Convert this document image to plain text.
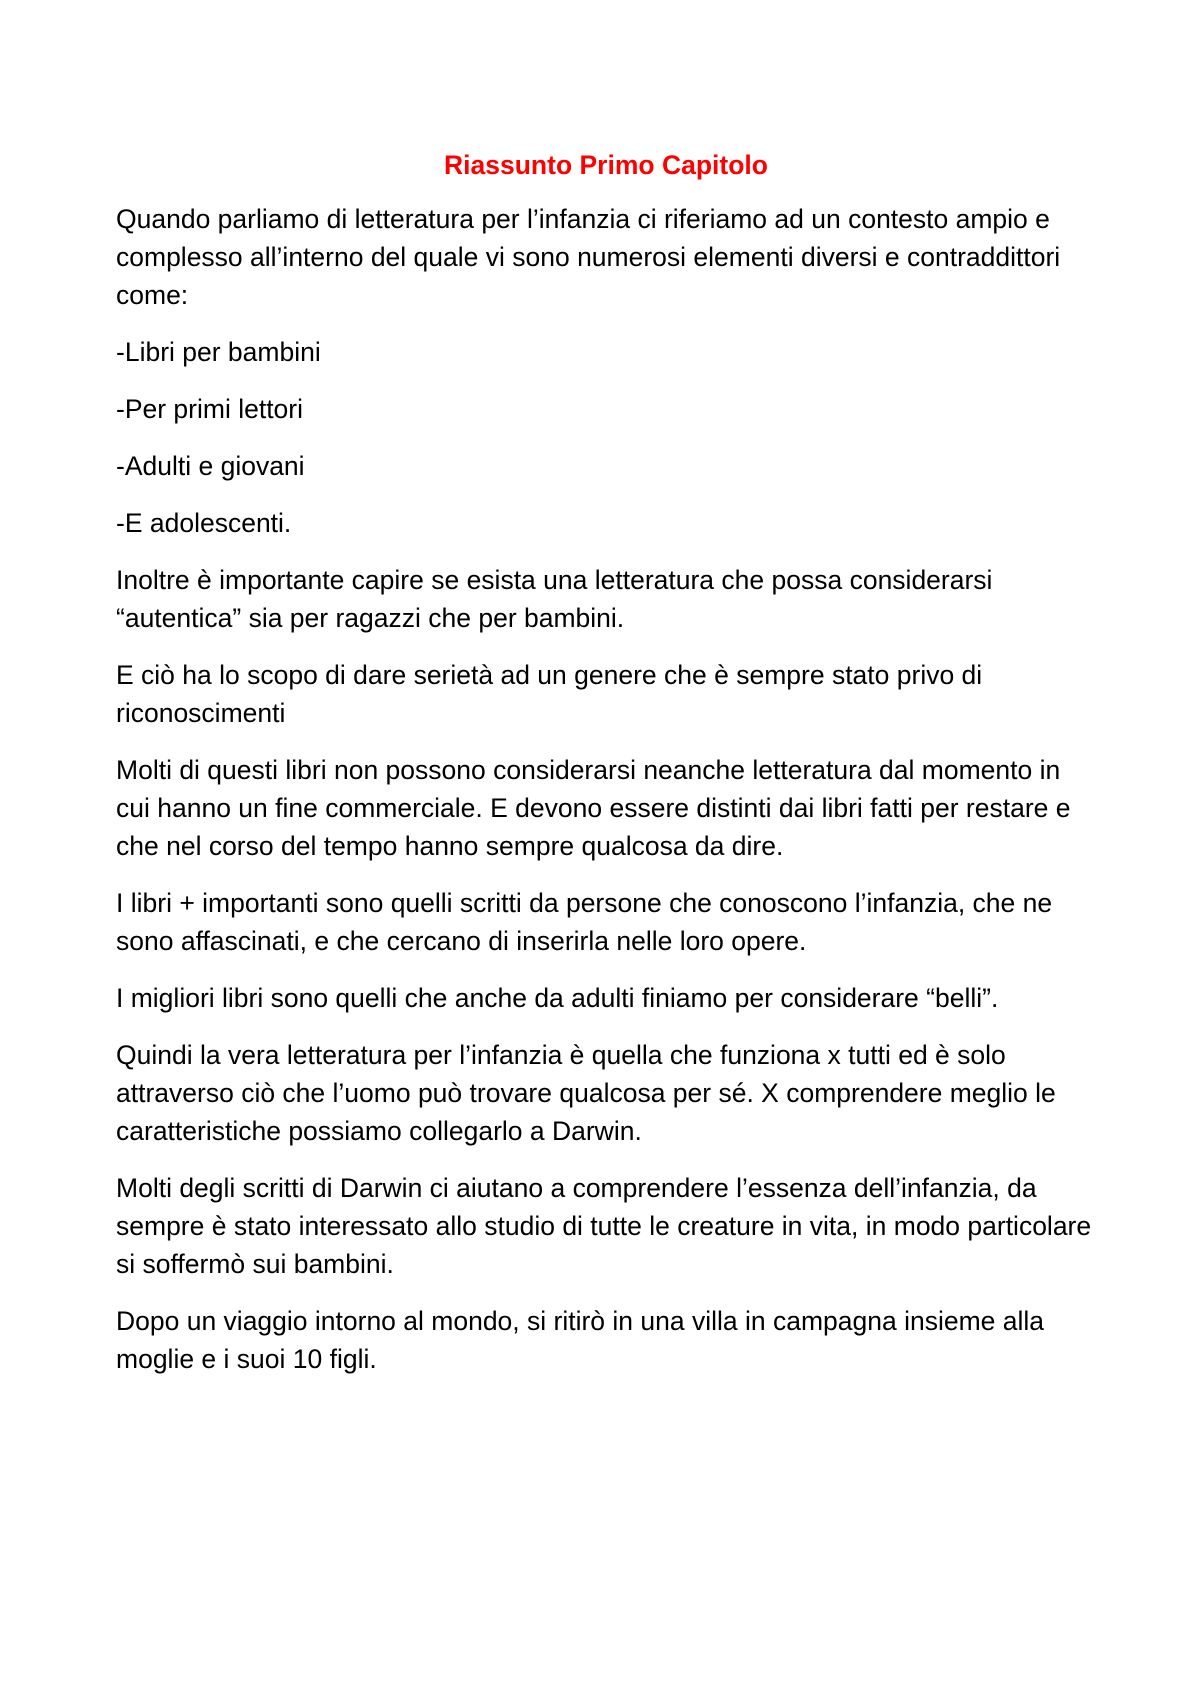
Riassunto Primo Capitolo
Quando parliamo di letteratura per l’infanzia ci riferiamo ad un contesto ampio e complesso all’interno del quale vi sono numerosi elementi diversi e contraddittori come:
-Libri per bambini
-Per primi lettori
-Adulti e giovani
-E adolescenti.
Inoltre è importante capire se esista una letteratura che possa considerarsi “autentica” sia per ragazzi che per bambini.
E ciò ha lo scopo di dare serietà ad un genere che è sempre stato privo di riconoscimenti
Molti di questi libri non possono considerarsi neanche letteratura dal momento in cui hanno un fine commerciale. E devono essere distinti dai libri fatti per restare e che nel corso del tempo hanno sempre qualcosa da dire.
I libri + importanti sono quelli scritti da persone che conoscono l’infanzia, che ne sono affascinati, e che cercano di inserirla nelle loro opere.
I migliori libri sono quelli che anche da adulti finiamo per considerare “belli”.
Quindi la vera letteratura per l’infanzia è quella che funziona x tutti ed è solo attraverso ciò che l’uomo può trovare qualcosa per sé. X comprendere meglio le caratteristiche possiamo collegarlo a Darwin.
Molti degli scritti di Darwin ci aiutano a comprendere l’essenza dell’infanzia, da sempre è stato interessato allo studio di tutte le creature in vita, in modo particolare si soffermò sui bambini.
Dopo un viaggio intorno al mondo, si ritirò in una villa in campagna insieme alla moglie e i suoi 10 figli.
